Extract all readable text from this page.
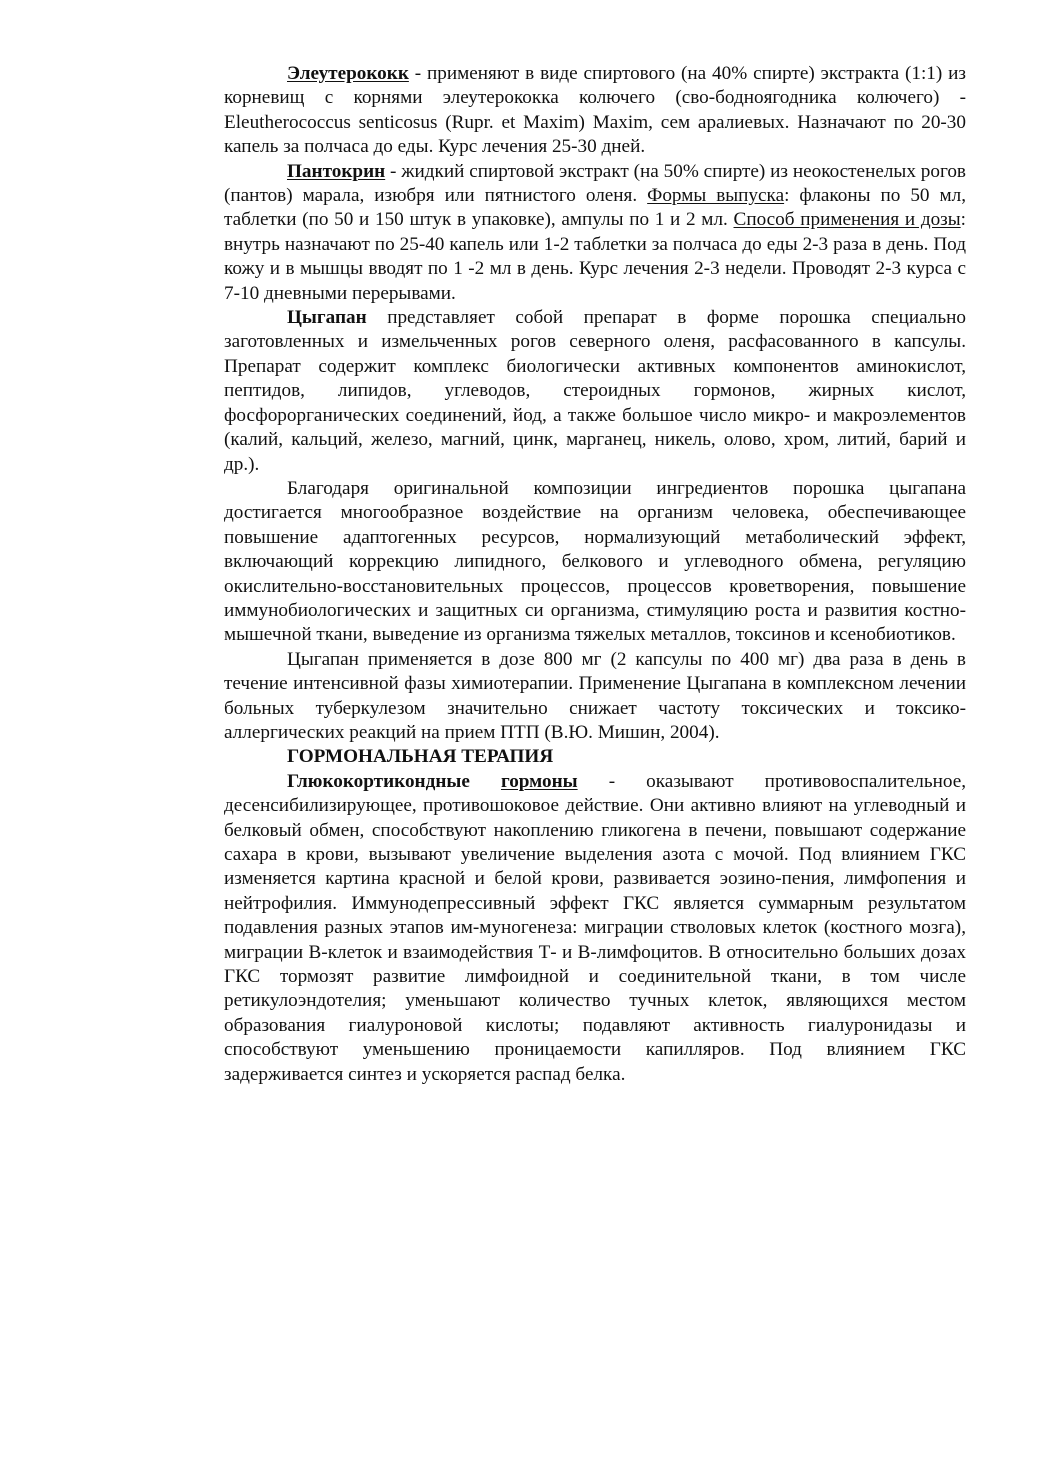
Элеутерококк - применяют в виде спиртового (на 40% спирте) экстракта (1:1) из корневищ с корнями элеутерококка колючего (сво-боднoягодника колючего) - Eleutherococcus senticosus (Rupr. et Maxim) Maxim, сем аралиевых. Назначают по 20-30 капель за полчаса до еды. Курс лечения 25-30 дней.

Пантокрин - жидкий спиртовой экстракт (на 50% спирте) из неокостенелых рогов (пантов) марала, изюбря или пятнистого оленя. Формы выпуска: флаконы по 50 мл, таблетки (по 50 и 150 штук в упаковке), ампулы по 1 и 2 мл. Способ применения и дозы: внутрь назначают по 25-40 капель или 1-2 таблетки за полчаса до еды 2-3 раза в день. Под кожу и в мышцы вводят по 1 -2 мл в день. Курс лечения 2-3 недели. Проводят 2-3 курса с 7-10 дневными перерывами.

Цыгапан представляет собой препарат в форме порошка специально заготовленных и измельченных рогов северного оленя, расфасованного в капсулы. Препарат содержит комплекс биологически активных компонентов аминокислот, пептидов, липидов, углеводов, стероидных гормонов, жирных кислот, фосфорорганических соединений, йод, а также большое число микро- и макроэлементов (калий, кальций, железо, магний, цинк, марганец, никель, олово, хром, литий, барий и др.).

Благодаря оригинальной композиции ингредиентов порошка цыгапана достигается многообразное воздействие на организм человека, обеспечивающее повышение адаптогенных ресурсов, нормализующий метаболический эффект, включающий коррекцию липидного, белкового и углеводного обмена, регуляцию окислительно-восстановительных процессов, процессов кроветворения, повышение иммунобиологических и защитных си организма, стимуляцию роста и развития костно-мышечной ткани, выведение из организма тяжелых металлов, токсинов и ксенобиотиков.

Цыгапан применяется в дозе 800 мг (2 капсулы по 400 мг) два раза в день в течение интенсивной фазы химиотерапии. Применение Цыгапана в комплексном лечении больных туберкулезом значительно снижает частоту токсических и токсико-аллергических реакций на прием ПТП (В.Ю. Мишин, 2004).

ГОРМОНАЛЬНАЯ ТЕРАПИЯ

Глюкокортикондные гормоны - оказывают противовоспалительное, десенсибилизирующее, противошоковое действие. Они активно влияют на углеводный и белковый обмен, способствуют накоплению гликогена в печени, повышают содержание сахара в крови, вызывают увеличение выделения азота с мочой. Под влиянием ГКС изменяется картина красной и белой крови, развивается эозино-пения, лимфопения и нейтрофилия. Иммунодепрессивный эффект ГКС является суммарным результатом подавления разных этапов им-муногенеза: миграции стволовых клеток (костного мозга), миграции В-клеток и взаимодействия Т- и В-лимфоцитов. В относительно больших дозах ГКС тормозят развитие лимфоидной и соединительной ткани, в том числе ретикулоэндотелия; уменьшают количество тучных клеток, являющихся местом образования гиалуроновой кислоты; подавляют активность гиалуронидазы и способствуют уменьшению проницаемости капилляров. Под влиянием ГКС задерживается синтез и ускоряется распад белка.
